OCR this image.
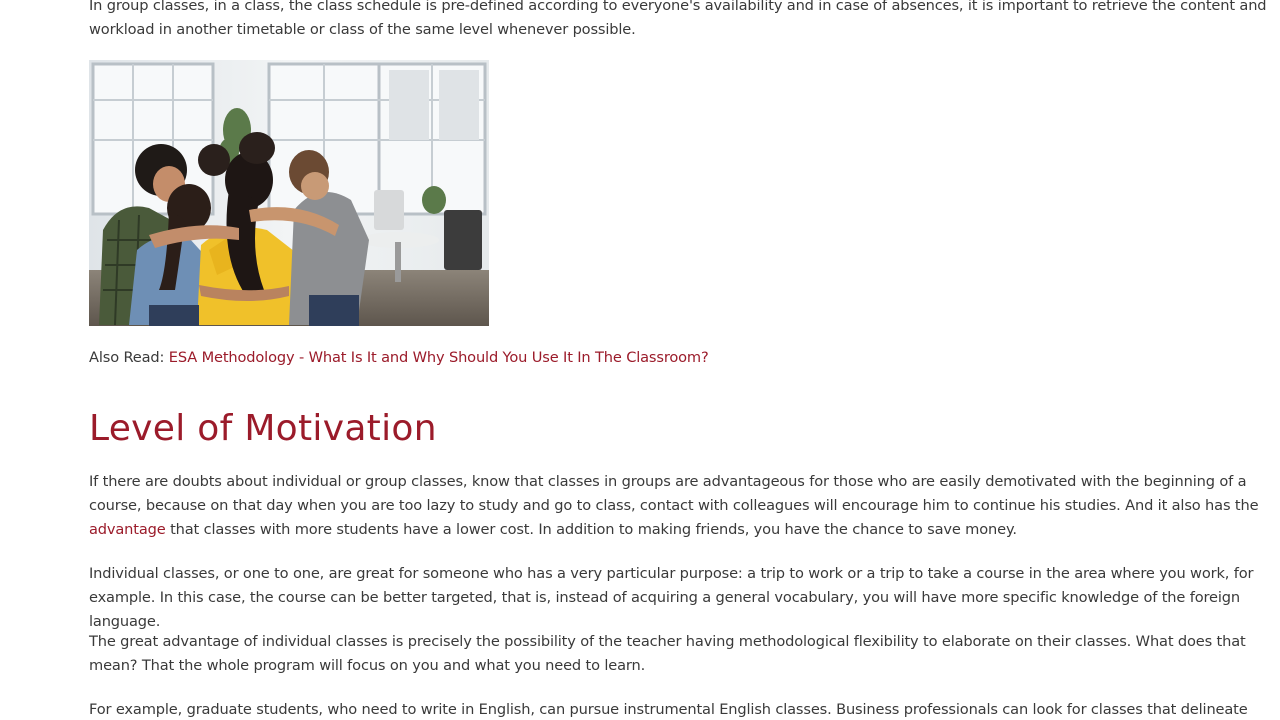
In group classes, in a class, the class schedule is pre-defined according to everyone's availability and in case of absences, it is important to retrieve the content and workload in another timetable or class of the same level whenever possible.

Also Read: ESA Methodology - What Is It and Why Should You Use It In The Classroom?

Level of Motivation

If there are doubts about individual or group classes, know that classes in groups are advantageous for those who are easily demotivated with the beginning of a course, because on that day when you are too lazy to study and go to class, contact with colleagues will encourage him to continue his studies. And it also has the advantage that classes with more students have a lower cost. In addition to making friends, you have the chance to save money.

Individual classes, or one to one, are great for someone who has a very particular purpose: a trip to work or a trip to take a course in the area where you work, for example. In this case, the course can be better targeted, that is, instead of acquiring a general vocabulary, you will have more specific knowledge of the foreign language.

The great advantage of individual classes is precisely the possibility of the teacher having methodological flexibility to elaborate on their classes. What does that mean? That the whole program will focus on you and what you need to learn.

For example, graduate students, who need to write in English, can pursue instrumental English classes. Business professionals can look for classes that delineate
